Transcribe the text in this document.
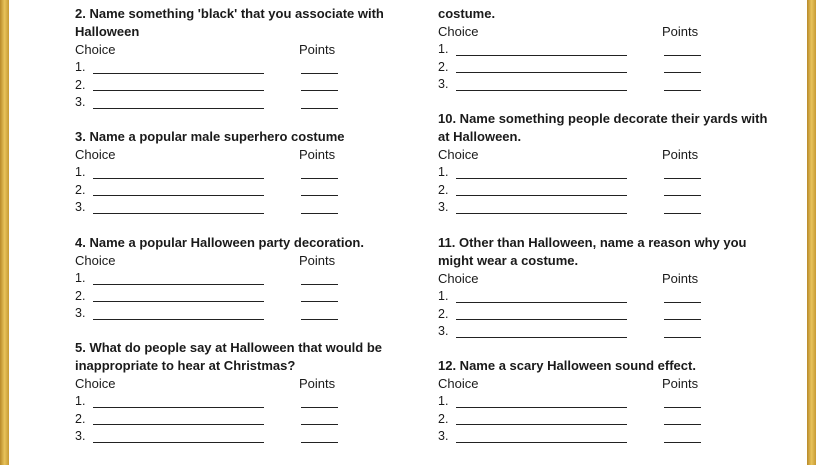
2. Name something 'black' that you associate with Halloween

Choice	Points
1.
2.
3.

3. Name a popular male superhero costume

Choice	Points
1.
2.
3.

4. Name a popular Halloween party decoration.

Choice	Points
1.
2.
3.

5. What do people say at Halloween that would be inappropriate to hear at Christmas?

Choice	Points
1.
2.
3.

costume.

Choice	Points
1.
2.
3.

10. Name something people decorate their yards with at Halloween.

Choice	Points
1.
2.
3.

11. Other than Halloween, name a reason why you might wear a costume.

Choice	Points
1.
2.
3.

12. Name a scary Halloween sound effect.

Choice	Points
1.
2.
3.
